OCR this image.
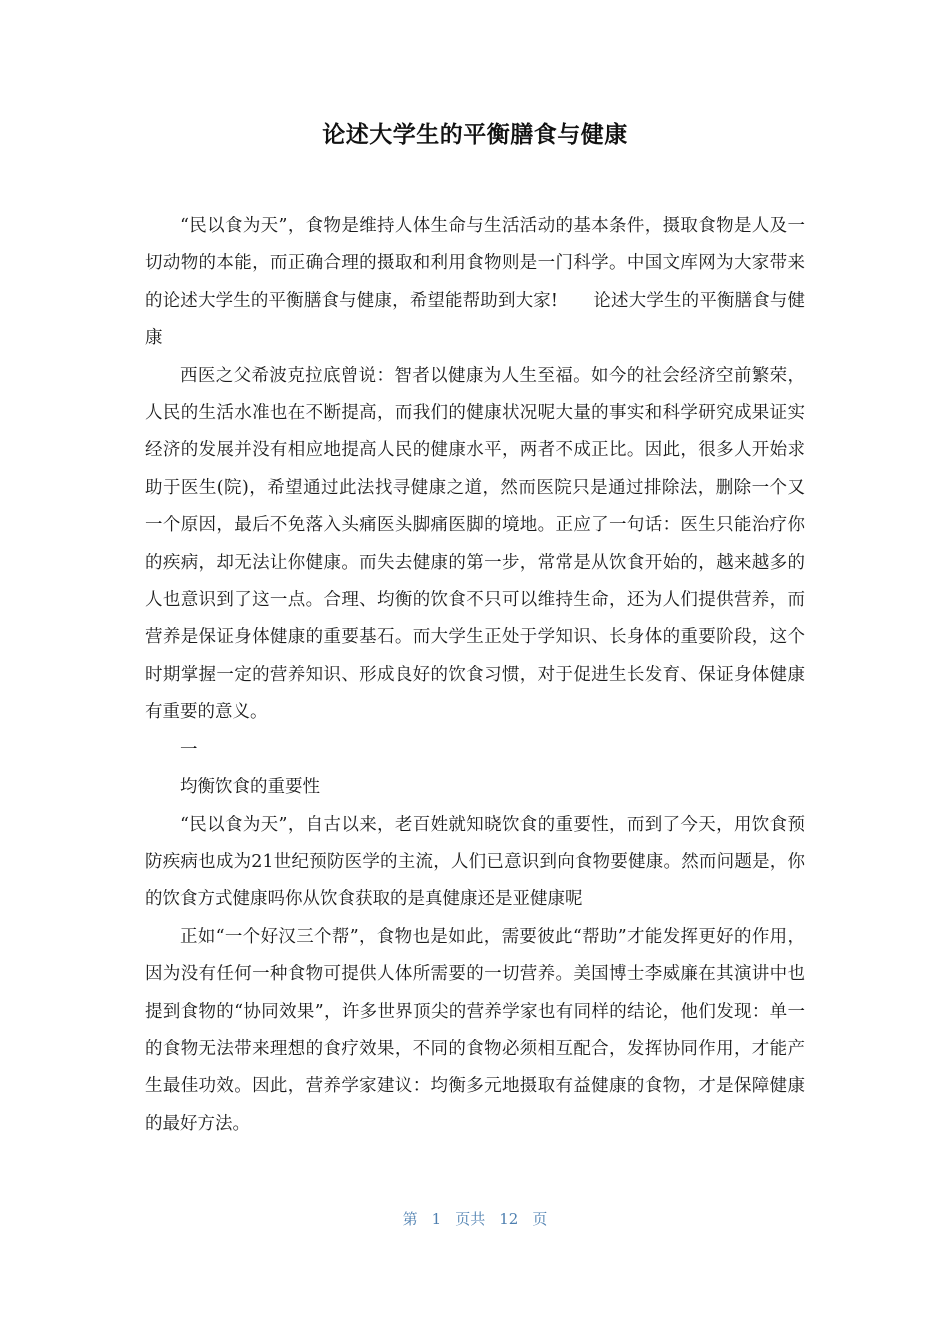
论述大学生的平衡膳食与健康

“民以食为天”，食物是维持人体生命与生活活动的基本条件，摄取食物是人及一切动物的本能，而正确合理的摄取和利用食物则是一门科学。中国文库网为大家带来的论述大学生的平衡膳食与健康，希望能帮助到大家!　　论述大学生的平衡膳食与健康

西医之父希波克拉底曾说：智者以健康为人生至福。如今的社会经济空前繁荣，人民的生活水准也在不断提高，而我们的健康状况呢大量的事实和科学研究成果证实经济的发展并没有相应地提高人民的健康水平，两者不成正比。因此，很多人开始求助于医生(院)，希望通过此法找寻健康之道，然而医院只是通过排除法，删除一个又一个原因，最后不免落入头痛医头脚痛医脚的境地。正应了一句话：医生只能治疗你的疾病，却无法让你健康。而失去健康的第一步，常常是从饮食开始的，越来越多的人也意识到了这一点。合理、均衡的饮食不只可以维持生命，还为人们提供营养，而营养是保证身体健康的重要基石。而大学生正处于学知识、长身体的重要阶段，这个时期掌握一定的营养知识、形成良好的饮食习惯，对于促进生长发育、保证身体健康有重要的意义。

一

均衡饮食的重要性

“民以食为天”，自古以来，老百姓就知晓饮食的重要性，而到了今天，用饮食预防疾病也成为21世纪预防医学的主流，人们已意识到向食物要健康。然而问题是，你的饮食方式健康吗你从饮食获取的是真健康还是亚健康呢

正如“一个好汉三个帮”，食物也是如此，需要彼此“帮助”才能发挥更好的作用，因为没有任何一种食物可提供人体所需要的一切营养。美国博士李威廉在其演讲中也提到食物的“协同效果”，许多世界顶尖的营养学家也有同样的结论，他们发现：单一的食物无法带来理想的食疗效果，不同的食物必须相互配合，发挥协同作用，才能产生最佳功效。因此，营养学家建议：均衡多元地摄取有益健康的食物，才是保障健康的最好方法。

第 1 页共 12 页
